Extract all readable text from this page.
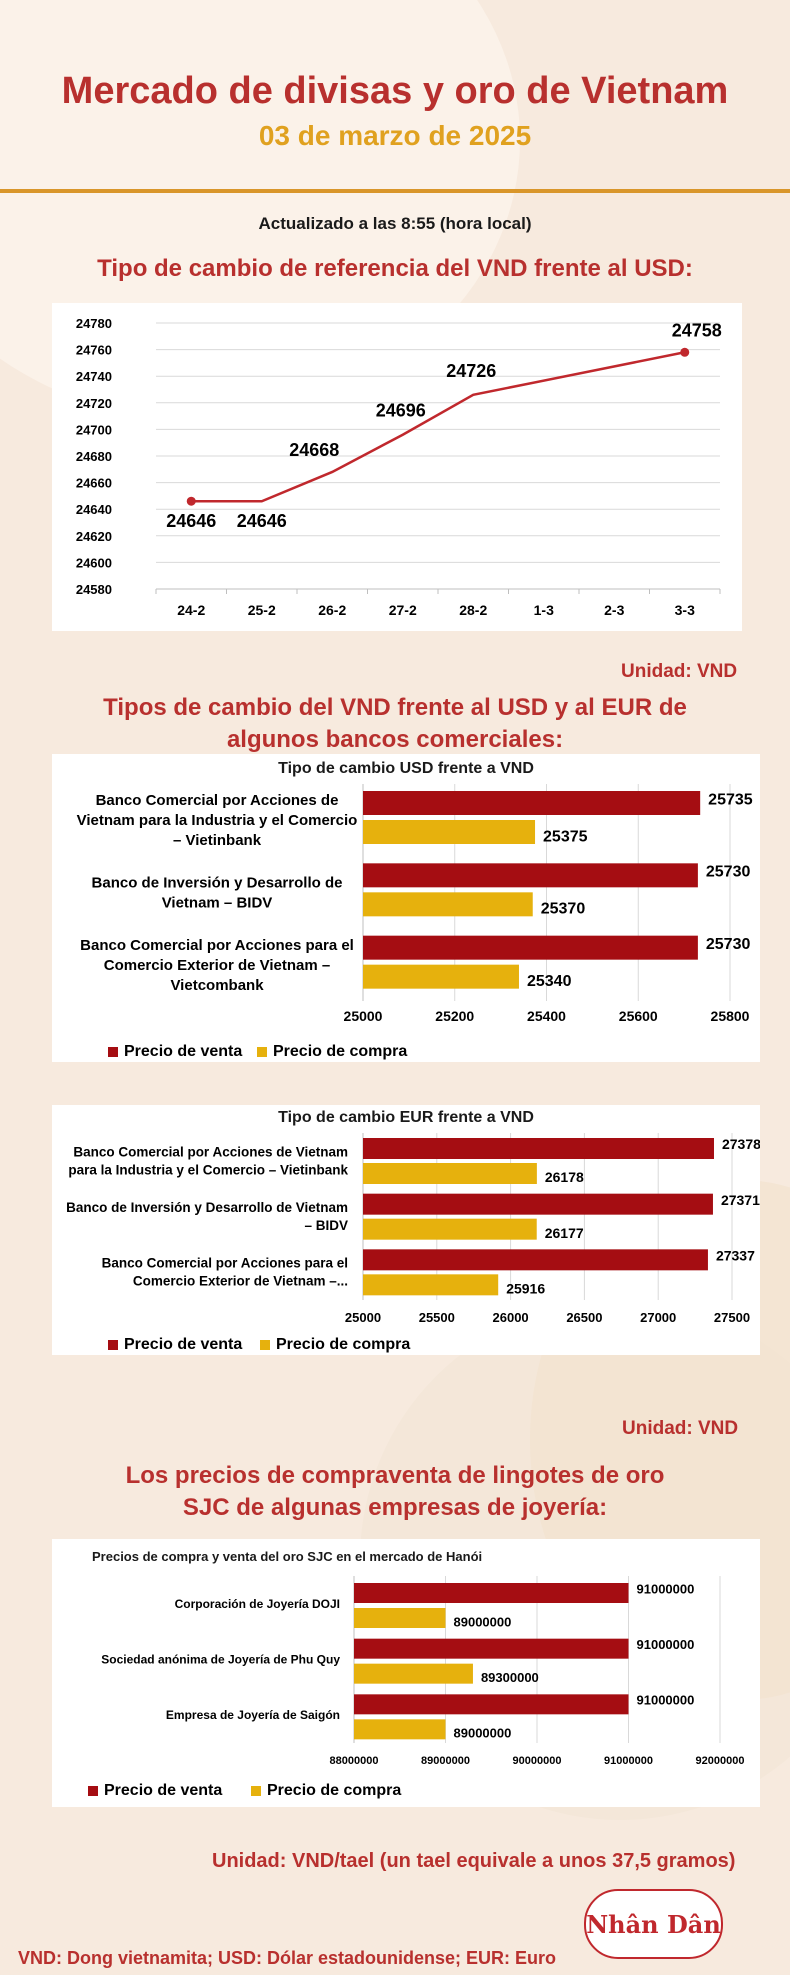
Mercado de divisas y oro de Vietnam
03 de marzo de 2025
Actualizado a las 8:55 (hora local)
Tipo de cambio de referencia del VND frente al USD:
24580
24600
24620
24640
24660
24680
24700
24720
24740
24760
24780
24-2	25-2	26-2	27-2	28-2	1-3	2-3	3-3
24646 24646
24668
24696
24726
24758
Unidad: VND
Tipos de cambio del VND frente al USD y al EUR de
algunos bancos comerciales:
Tipo de cambio USD frente a VND
25000	25200	25400	25600	25800
Banco Comercial por Acciones de
Vietnam para la Industria y el Comercio
– Vietinbank
25735
25375
Banco de Inversión y Desarrollo de
Vietnam – BIDV
25730
25370
Banco Comercial por Acciones para el
Comercio Exterior de Vietnam –
Vietcombank
25730
25340
Precio de venta Precio de compra
Tipo de cambio EUR frente a VND
25000	25500	26000	26500	27000	27500
Banco Comercial por Acciones de Vietnam
para la Industria y el Comercio – Vietinbank
27378
26178
Banco de Inversión y Desarrollo de Vietnam
– BIDV
27371
26177
Banco Comercial por Acciones para el
Comercio Exterior de Vietnam –...
27337
25916
Precio de venta Precio de compra
Unidad: VND
Los precios de compraventa de lingotes de oro
SJC de algunas empresas de joyería:
Precios de compra y venta del oro SJC en el mercado de Hanói
88000000	89000000	90000000	91000000	92000000
Corporación de Joyería DOJI
91000000
89000000
Sociedad anónima de Joyería de Phu Quy
91000000
89300000
Empresa de Joyería de Saigón
91000000
89000000
Precio de venta	Precio de compra
Unidad: VND/tael (un tael equivale a unos 37,5 gramos)
VND: Dong vietnamita; USD: Dólar estadounidense; EUR: Euro
Nhân Dân
